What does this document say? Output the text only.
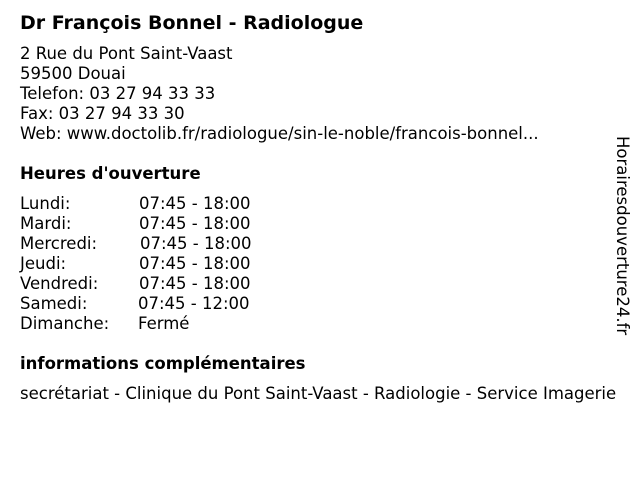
Dr François Bonnel - Radiologue
2 Rue du Pont Saint-Vaast
59500 Douai
Telefon: 03 27 94 33 33
Fax: 03 27 94 33 30
Web: www.doctolib.fr/radiologue/sin-le-noble/francois-bonnel...
Heures d'ouverture
Lundi:	07:45 - 18:00
Mardi:	07:45 - 18:00
Mercredi:	07:45 - 18:00
Jeudi:	07:45 - 18:00
Vendredi: 07:45 - 18:00
Samedi:	07:45 - 12:00
Dimanche: Fermé
informations complémentaires
secrétariat - Clinique du Pont Saint-Vaast - Radiologie - Service Imagerie
Horairesdouverture24.fr
